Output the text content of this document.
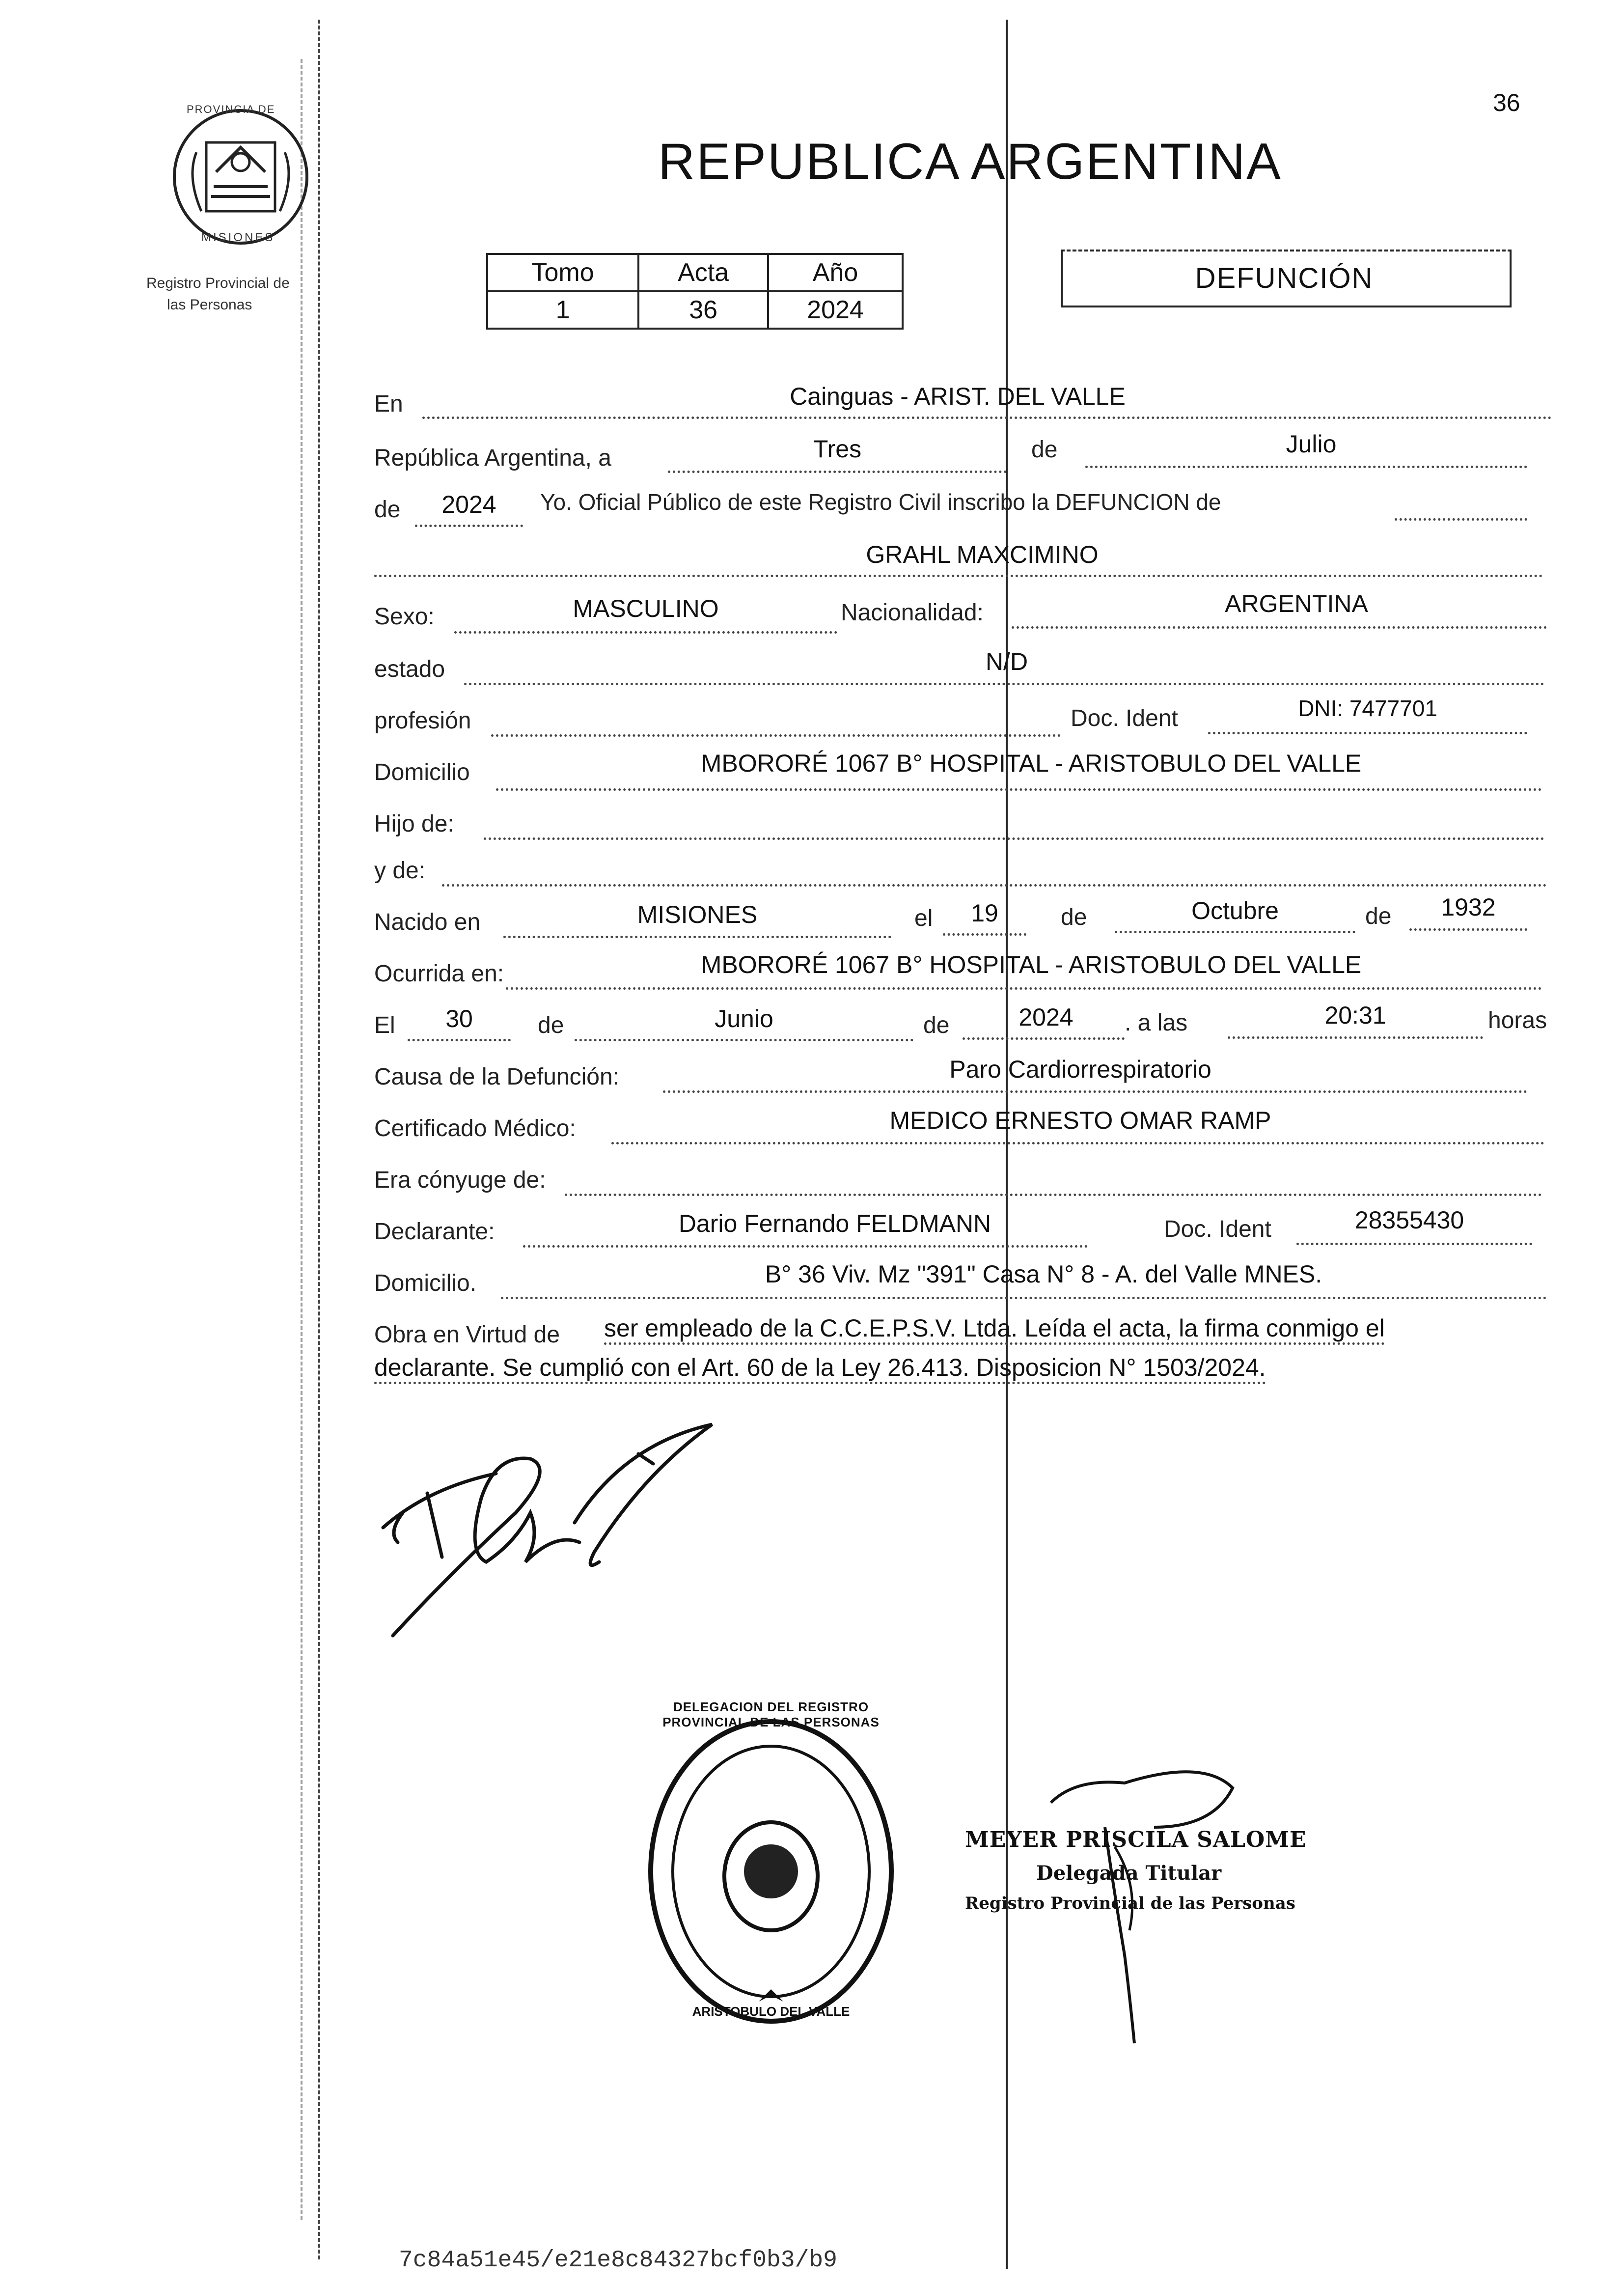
36
PROVINCIA DE
MISIONES
Registro Provincial de
las Personas
REPUBLICA ARGENTINA
Tomo	Acta	Año
1	36	2024
DEFUNCIÓN
En	Cainguas - ARIST. DEL VALLE
República Argentina, a	Tres	de	Julio
de	2024	Yo. Oficial Público de este Registro Civil inscribo la DEFUNCION de
GRAHL MAXCIMINO
Sexo:	MASCULINO	Nacionalidad:	ARGENTINA
estado	N/D
profesión	Doc. Ident	DNI: 7477701
Domicilio	MBORORÉ 1067 B° HOSPITAL - ARISTOBULO DEL VALLE
Hijo de:
y de:
Nacido en	MISIONES	el	19	de	Octubre	de	1932
Ocurrida en:	MBORORÉ 1067 B° HOSPITAL - ARISTOBULO DEL VALLE
El	30	de	Junio	de	2024	. a las	20:31	horas
Causa de la Defunción:	Paro Cardiorrespiratorio
Certificado Médico:	MEDICO ERNESTO OMAR RAMP
Era cónyuge de:
Declarante:	Dario Fernando FELDMANN	Doc. Ident	28355430
Domicilio.	B° 36 Viv. Mz "391" Casa N° 8 - A. del Valle MNES.
Obra en Virtud de ser empleado de la C.C.E.P.S.V. Ltda. Leída el acta, la firma conmigo el
declarante. Se cumplió con el Art. 60 de la Ley 26.413. Disposicion N° 1503/2024.
DELEGACION DEL REGISTRO PROVINCIAL DE LAS PERSONAS
ARISTOBULO DEL VALLE
MEYER PRISCILA SALOME
Delegada Titular
Registro Provincial de las Personas
7c84a51e45/e21e8c84327bcf0b3/b9
